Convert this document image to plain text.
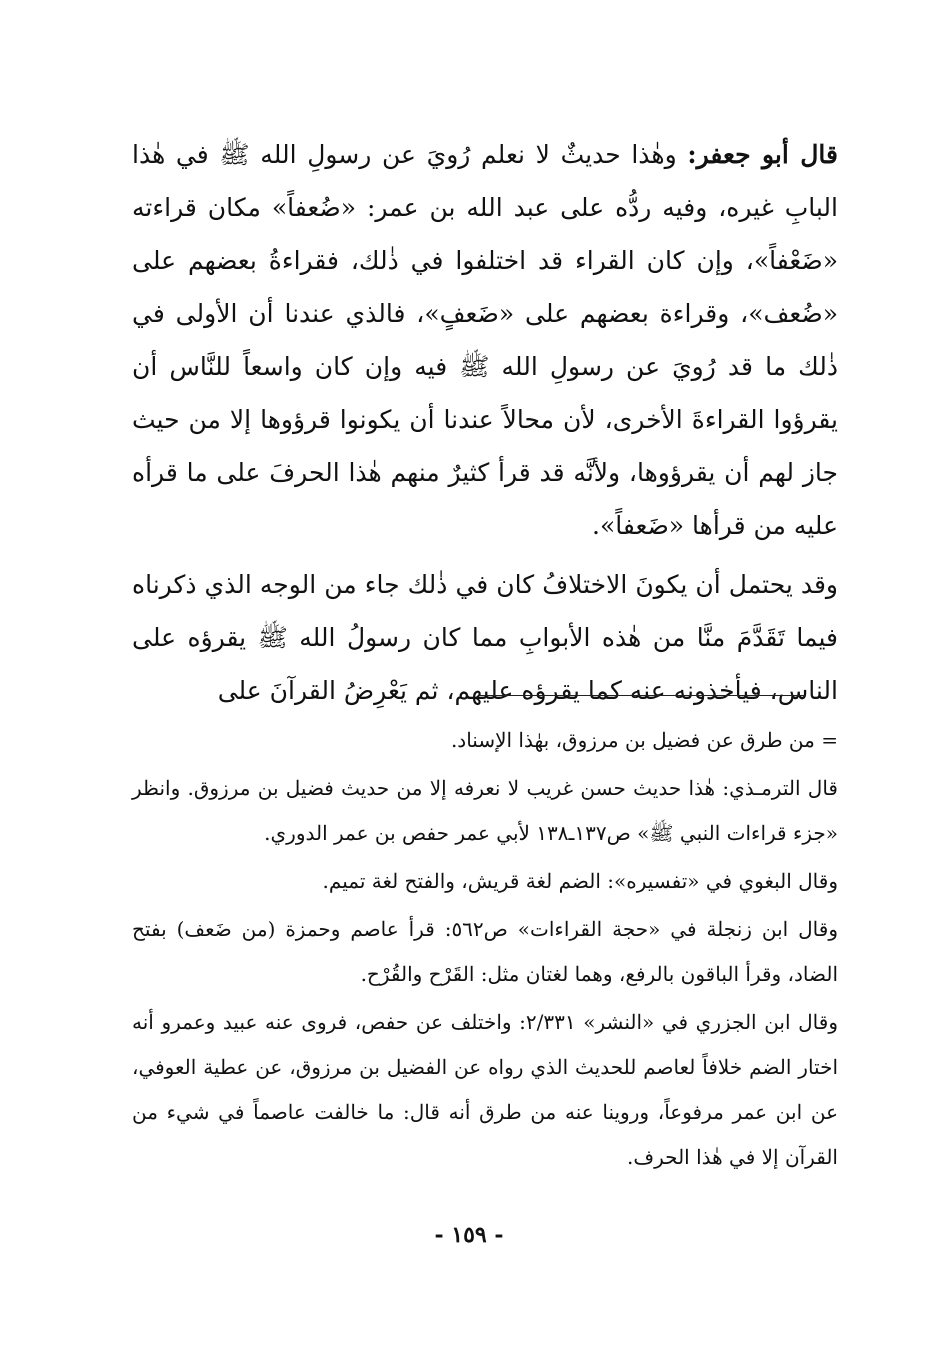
قال أبو جعفر: وهٰذا حديثٌ لا نعلم رُويَ عن رسولِ الله ﷺ في هٰذا البابِ غيره، وفيه ردُّه على عبد الله بن عمر: «ضُعفاً» مكان قراءته «ضَعْفاً»، وإن كان القراء قد اختلفوا في ذٰلك، فقراءةُ بعضهم على «ضُعف»، وقراءة بعضهم على «ضَعفٍ»، فالذي عندنا أن الأولى في ذٰلك ما قد رُويَ عن رسولِ الله ﷺ فيه وإن كان واسعاً للنَّاس أن يقرؤوا القراءةَ الأخرى، لأن محالاً عندنا أن يكونوا قرؤوها إلا من حيث جاز لهم أن يقرؤوها، ولأنَّه قد قرأ كثيرٌ منهم هٰذا الحرفَ على ما قرأه عليه من قرأها «ضَعفاً».

وقد يحتمل أن يكونَ الاختلافُ كان في ذٰلك جاء من الوجه الذي ذكرناه فيما تَقَدَّمَ منَّا من هٰذه الأبوابِ مما كان رسولُ الله ﷺ يقرؤه على الناس، فيأخذونه عنه كما يقرؤه عليهم، ثم يَعْرِضُ القرآنَ على

= من طرق عن فضيل بن مرزوق، بهٰذا الإسناد.

قال الترمـذي: هٰذا حديث حسن غريب لا نعرفه إلا من حديث فضيل بن مرزوق. وانظر «جزء قراءات النبي ﷺ» ص١٣٧ـ١٣٨ لأبي عمر حفص بن عمر الدوري.

وقال البغوي في «تفسيره»: الضم لغة قريش، والفتح لغة تميم.

وقال ابن زنجلة في «حجة القراءات» ص٥٦٢: قرأ عاصم وحمزة (من ضَعف) بفتح الضاد، وقرأ الباقون بالرفع، وهما لغتان مثل: القَرْح والقُرْح.

وقال ابن الجزري في «النشر» ٢/٣٣١: واختلف عن حفص، فروى عنه عبيد وعمرو أنه اختار الضم خلافاً لعاصم للحديث الذي رواه عن الفضيل بن مرزوق، عن عطية العوفي، عن ابن عمر مرفوعاً، وروينا عنه من طرق أنه قال: ما خالفت عاصماً في شيء من القرآن إلا في هٰذا الحرف.

- ١٥٩ -
